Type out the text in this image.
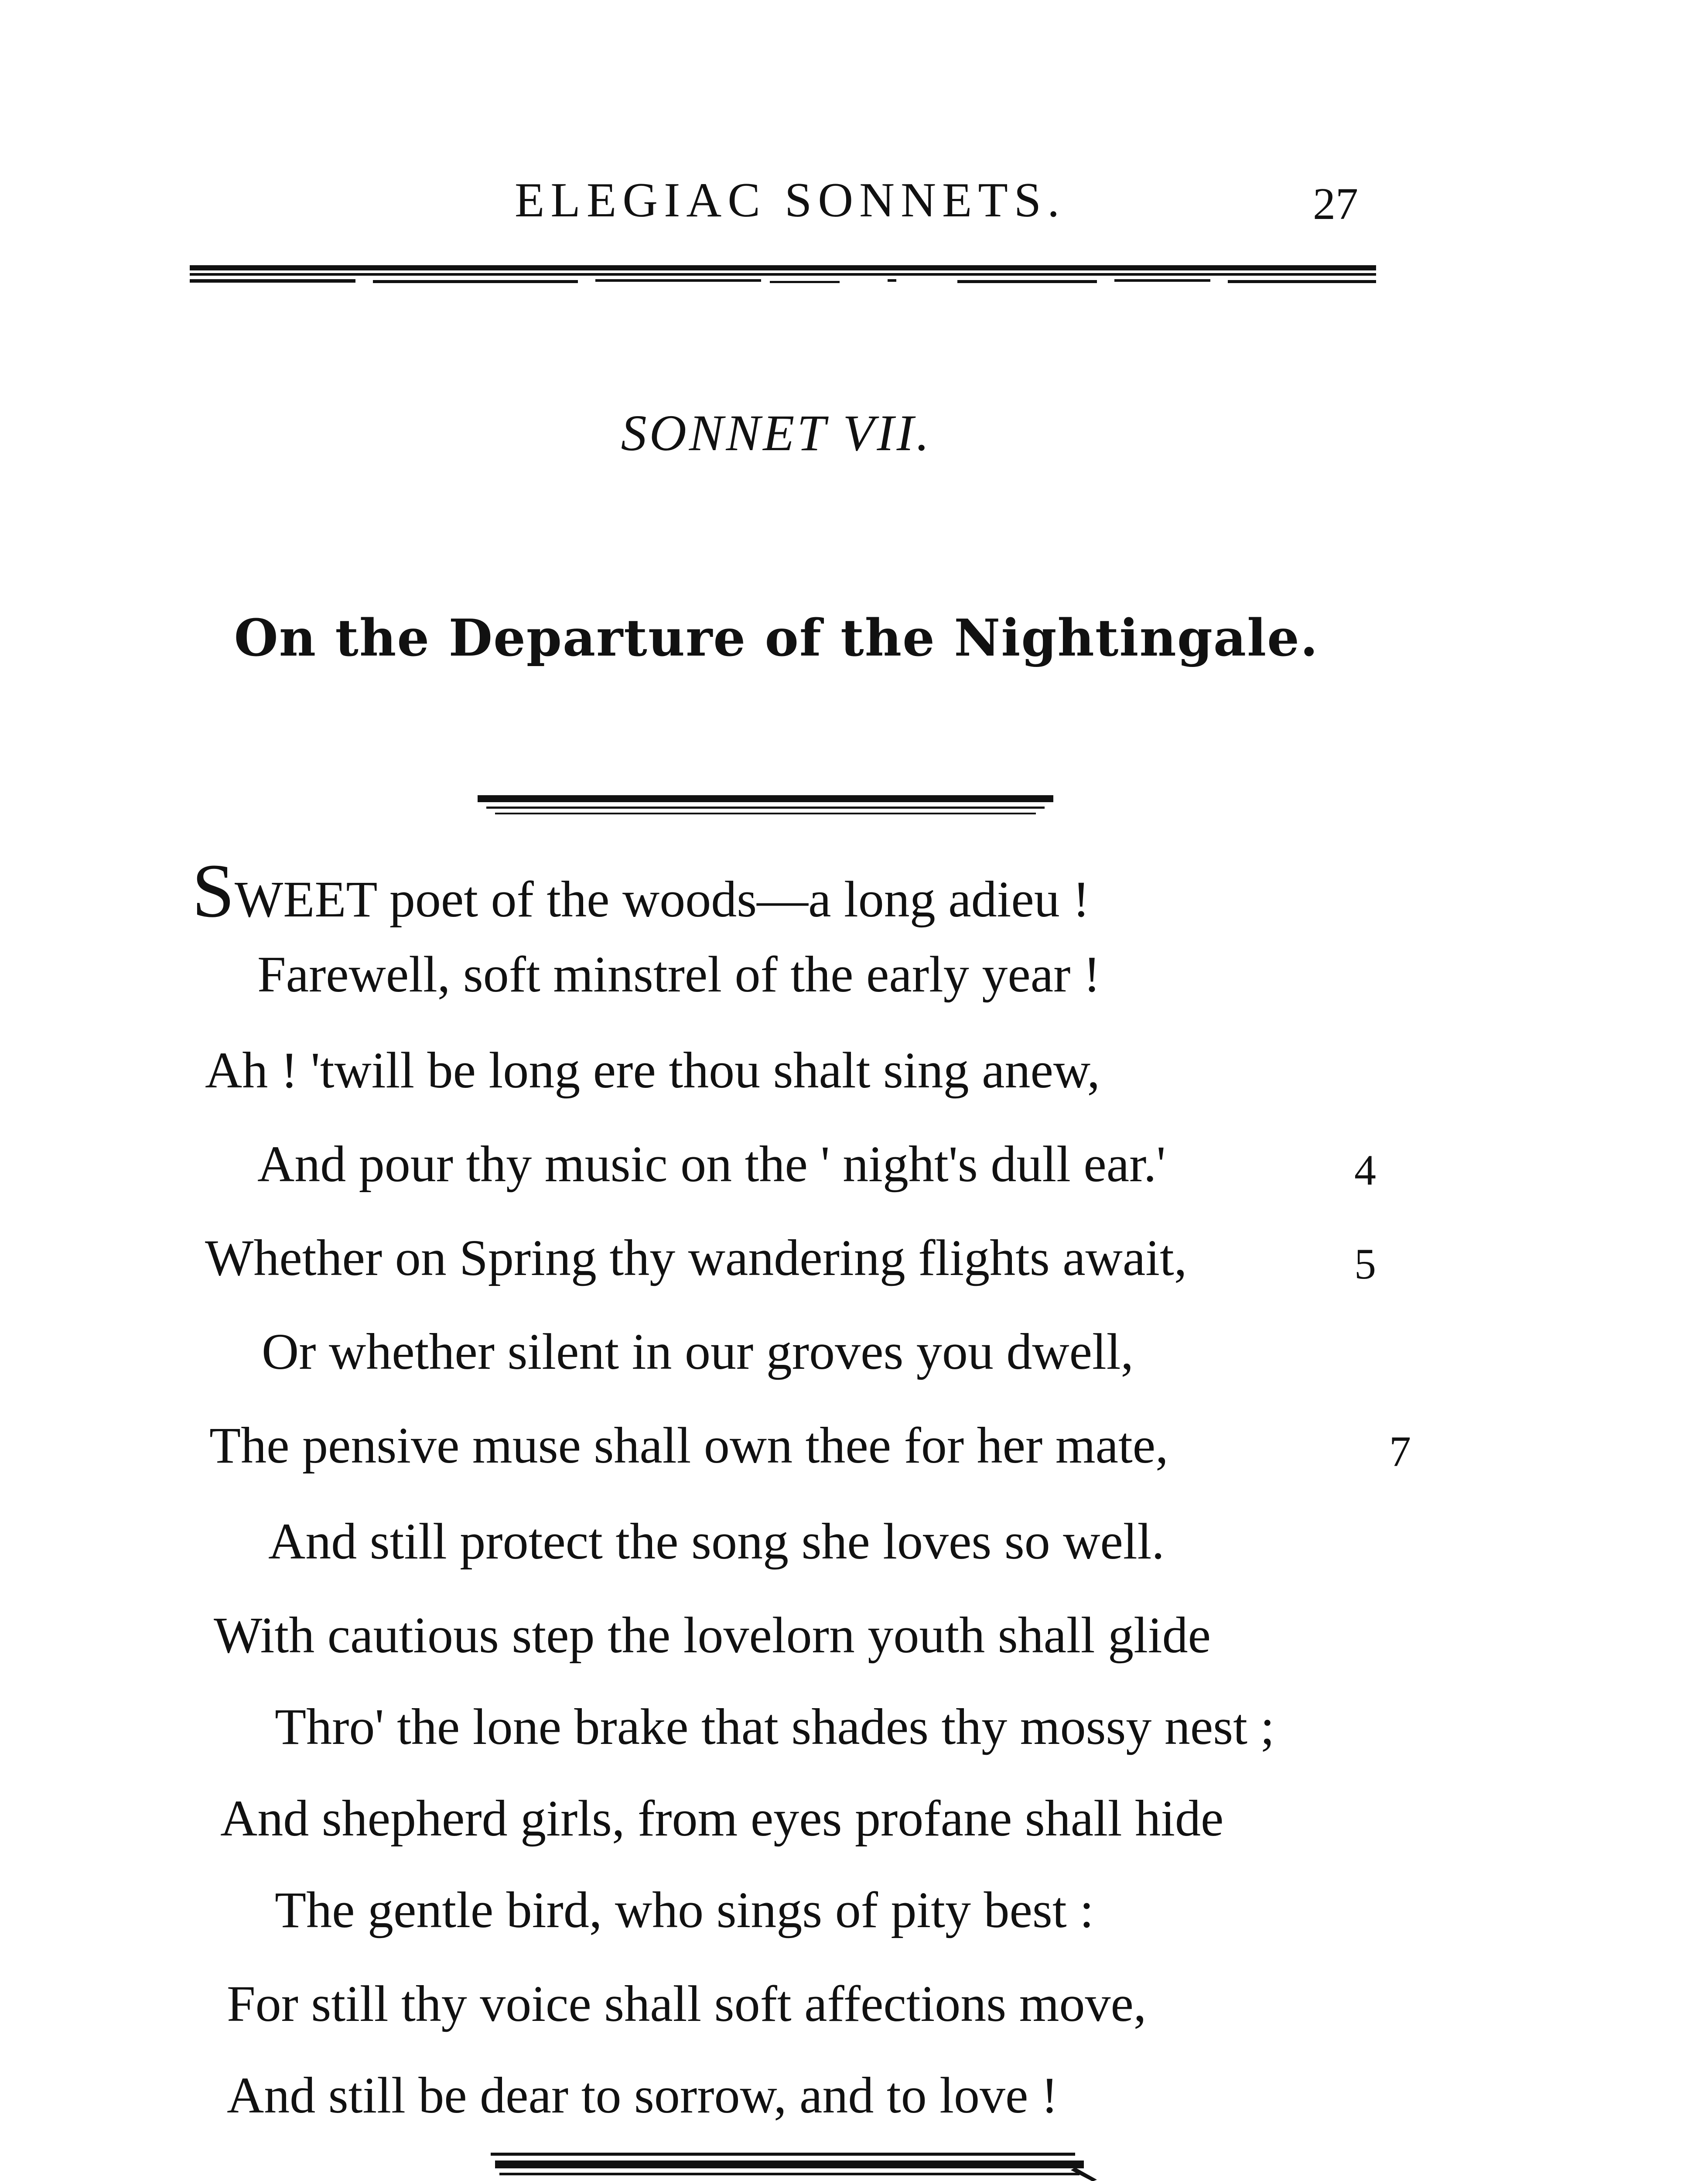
ELEGIAC SONNETS.	27
SONNET VII.
On the Departure of the Nightingale.
SWEET poet of the woods—a long adieu !
Farewell, soft minstrel of the early year !
Ah ! 'twill be long ere thou shalt sing anew,
And pour thy music on the ' night's dull ear.'
Whether on Spring thy wandering flights await,
Or whether silent in our groves you dwell,
The pensive muse shall own thee for her mate,
And still protect the song she loves so well.
With cautious step the lovelorn youth shall glide
Thro' the lone brake that shades thy mossy nest ;
And shepherd girls, from eyes profane shall hide
The gentle bird, who sings of pity best :
For still thy voice shall soft affections move,
And still be dear to sorrow, and to love !
4
5
7
